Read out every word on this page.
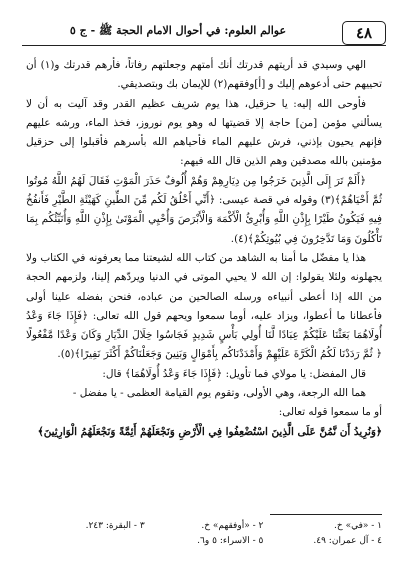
٤٨
عوالم العلوم: في أحوال الامام الحجة ﷺ - ج ٥

الهي وسيدي قد أريتهم قدرتك أنك أمتهم وجعلتهم رفاتاً، فأرهم قدرتك و(١) أن تحييهم حتى أدعوهم إليك و [أ]وفقهم(٢) للإيمان بك وبتصديقي.

فأوحى الله إليه: يا حزقيل، هذا يوم شريف عظيم القدر وقد آليت به أن لا يسألني مؤمن [من] حاجة إلا قضيتها له وهو يوم نوروز، فخذ الماء، ورشه عليهم فإنهم يحيون بإذني، فرش عليهم الماء فأحياهم الله بأسرهم فأقبلوا إلى حزقيل مؤمنين بالله مصدقين وهم الذين قال الله فيهم:

﴿أَلَمْ تَرَ إِلَى الَّذِينَ خَرَجُوا مِن دِيَارِهِمْ وَهُمْ أُلُوفٌ حَذَرَ الْمَوْتِ فَقَالَ لَهُمُ اللَّهُ مُوتُوا ثُمَّ أَحْيَاهُمْ﴾(٣) وقوله في قصة عيسى: ﴿أَنِّي أَخْلُقُ لَكُم مِّنَ الطِّينِ كَهَيْئَةِ الطَّيْرِ فَأَنفُخُ فِيهِ فَيَكُونُ طَيْرًا بِإِذْنِ اللَّهِ وَأُبْرِئُ الْأَكْمَهَ وَالْأَبْرَصَ وَأُحْيِي الْمَوْتَىٰ بِإِذْنِ اللَّهِ وَأُنَبِّئُكُم بِمَا تَأْكُلُونَ وَمَا تَدَّخِرُونَ فِي بُيُوتِكُمْ﴾(٤).

هذا يا مفضّل ما أمنا به الشاهد من كتاب الله لشيعتنا مما يعرفونه في الكتاب ولا يجهلونه ولئلا يقولوا: إن الله لا يحيي الموتى في الدنيا ويردّهم إلينا، ولزمهم الحجة من الله إذا أعطى أنبياءه ورسله الصالحين من عباده، فنحن بفضله علينا أولى فأعطانا ما أعطوا، ويزاد عليه، أوما سمعوا ويحهم قول الله تعالى: ﴿فَإِذَا جَاءَ وَعْدُ أُولَاهُمَا بَعَثْنَا عَلَيْكُمْ عِبَادًا لَّنَا أُولِي بَأْسٍ شَدِيدٍ فَجَاسُوا خِلَالَ الدِّيَارِ وَكَانَ وَعْدًا مَّفْعُولًا ﴿ ثُمَّ رَدَدْنَا لَكُمُ الْكَرَّةَ عَلَيْهِمْ وَأَمْدَدْنَاكُم بِأَمْوَالٍ وَبَنِينَ وَجَعَلْنَاكُمْ أَكْثَرَ نَفِيرًا﴾(٥).

قال المفضل: يا مولاي فما تأويل: ﴿فَإِذَا جَاءَ وَعْدُ أُولَاهُمَا﴾ قال:

هما الله الرجعة، وهي الأولى، وتقوم يوم القيامة العظمى - يا مفضل -

أو ما سمعوا قوله تعالى:

﴿وَنُرِيدُ أَن نَّمُنَّ عَلَى الَّذِينَ اسْتُضْعِفُوا فِي الْأَرْضِ وَنَجْعَلَهُمْ أَئِمَّةً وَنَجْعَلَهُمُ الْوَارِثِينَ﴾

١ - «في» خ.
٢ - «أوفقهم» خ.
٣ - البقرة: ٢٤٣.
٤ - آل عمران: ٤٩.
٥ - الاسراء: ٥ و٦.
